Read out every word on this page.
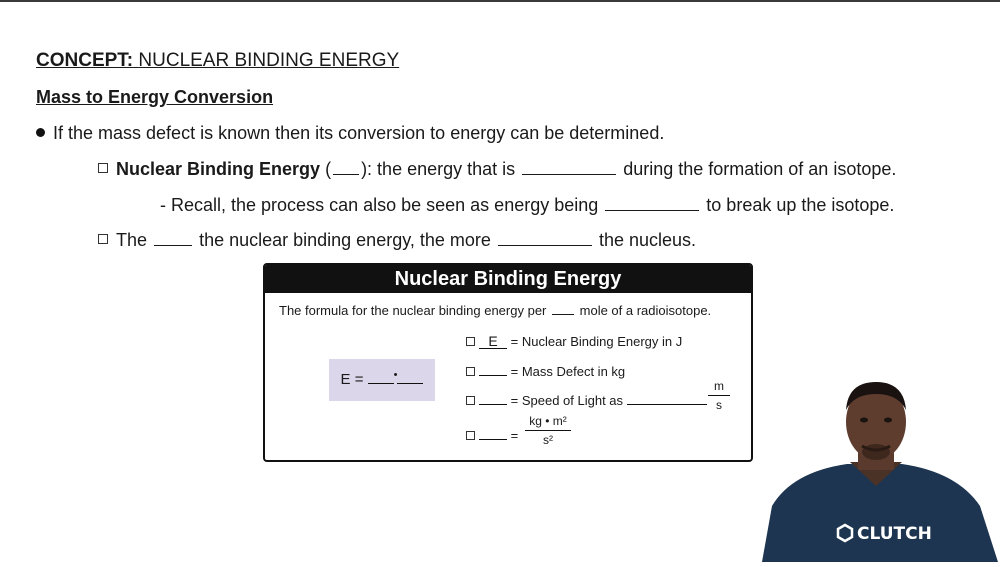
CONCEPT: NUCLEAR BINDING ENERGY
Mass to Energy Conversion
If the mass defect is known then its conversion to energy can be determined.
Nuclear Binding Energy ( ): the energy that is	during the formation of an isotope.
- Recall, the process can also be seen as energy being	to break up the isotope.
The	the nuclear binding energy, the more	the nucleus.
Nuclear Binding Energy
The formula for the nuclear binding energy per	mole of a radioisotope.
E =	•
E = Nuclear Binding Energy in J
= Mass Defect in kg
= Speed of Light as
m
s
=
kg • m²
s²
CLUTCH
